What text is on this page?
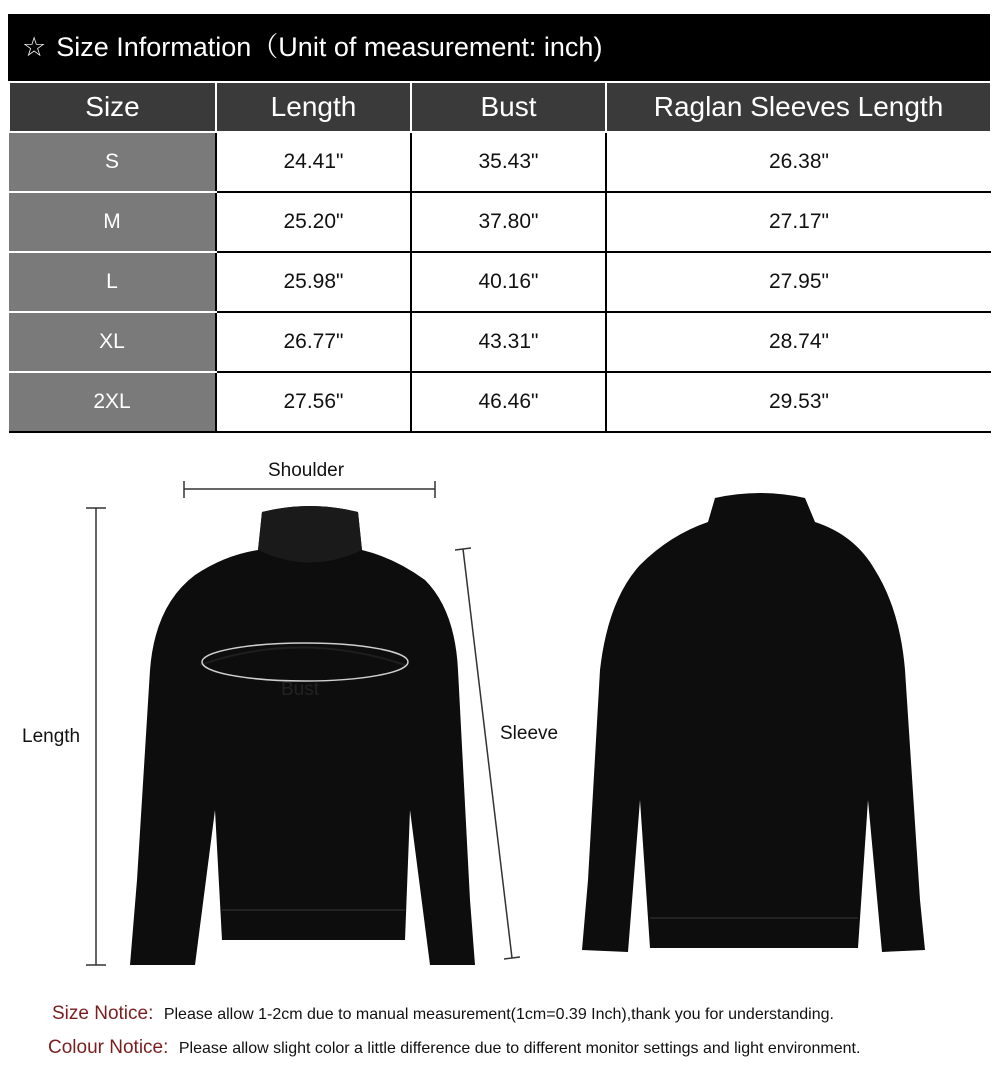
☆ Size Information（Unit of measurement: inch)
Size	Length	Bust	Raglan Sleeves Length
S	24.41"	35.43"	26.38"
M	25.20"	37.80"	27.17"
L	25.98"	40.16"	27.95"
XL	26.77"	43.31"	28.74"
2XL	27.56"	46.46"	29.53"
Shoulder
Bust
Length	Sleeve
Size Notice: Please allow 1-2cm due to manual measurement(1cm=0.39 Inch),thank you for understanding.
Colour Notice: Please allow slight color a little difference due to different monitor settings and light environment.
